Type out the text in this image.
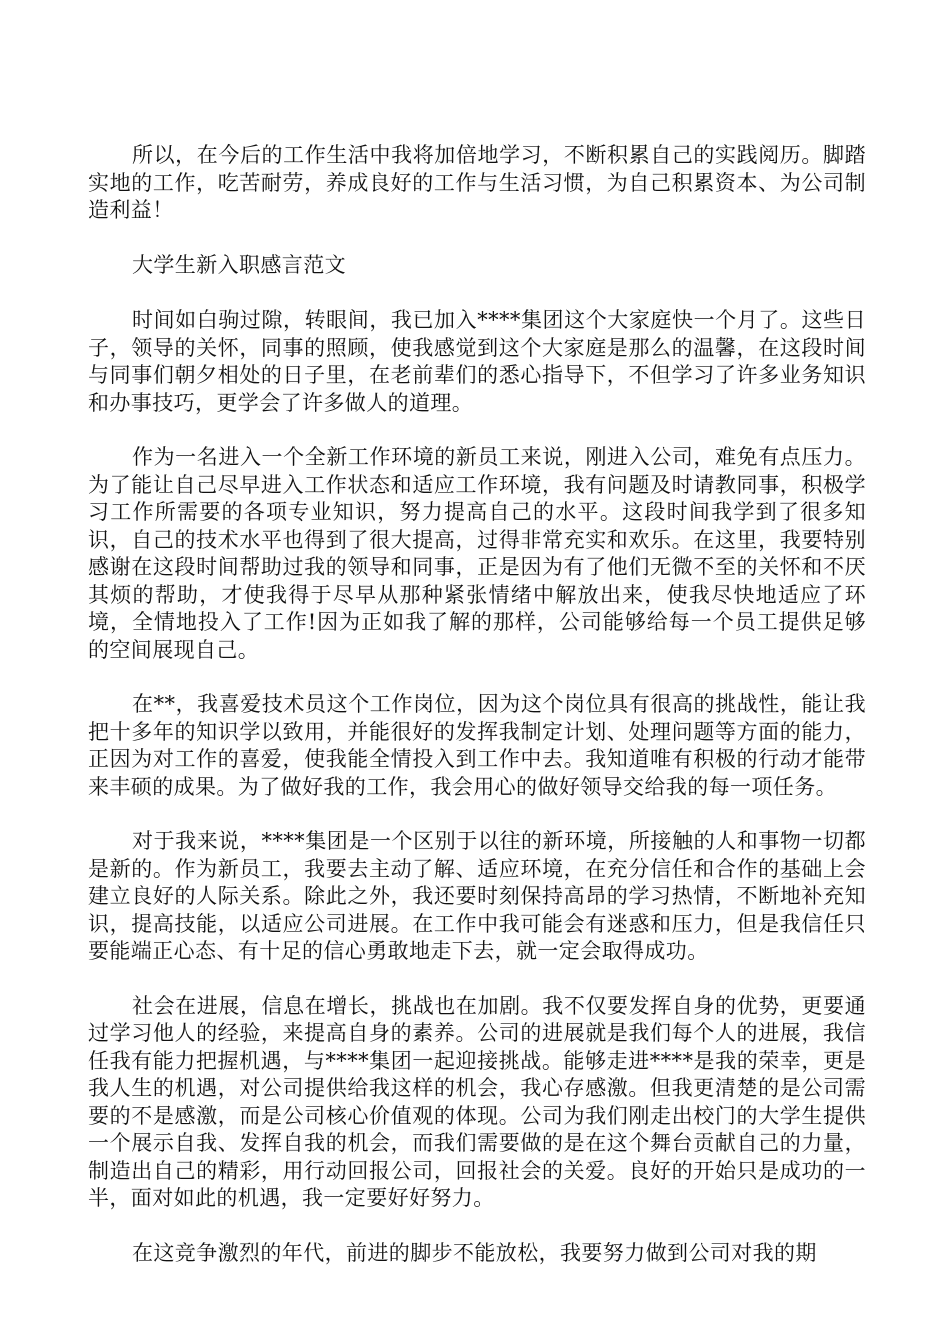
所以，在今后的工作生活中我将加倍地学习，不断积累自己的实践阅历。脚踏实地的工作，吃苦耐劳，养成良好的工作与生活习惯，为自己积累资本、为公司制造利益！

大学生新入职感言范文

时间如白驹过隙，转眼间，我已加入****集团这个大家庭快一个月了。这些日子，领导的关怀，同事的照顾，使我感觉到这个大家庭是那么的温馨，在这段时间与同事们朝夕相处的日子里，在老前辈们的悉心指导下，不但学习了许多业务知识和办事技巧，更学会了许多做人的道理。

作为一名进入一个全新工作环境的新员工来说，刚进入公司，难免有点压力。为了能让自己尽早进入工作状态和适应工作环境，我有问题及时请教同事，积极学习工作所需要的各项专业知识，努力提高自己的水平。这段时间我学到了很多知识，自己的技术水平也得到了很大提高，过得非常充实和欢乐。在这里，我要特别感谢在这段时间帮助过我的领导和同事，正是因为有了他们无微不至的关怀和不厌其烦的帮助，才使我得于尽早从那种紧张情绪中解放出来，使我尽快地适应了环境，全情地投入了工作!因为正如我了解的那样，公司能够给每一个员工提供足够的空间展现自己。

在**，我喜爱技术员这个工作岗位，因为这个岗位具有很高的挑战性，能让我把十多年的知识学以致用，并能很好的发挥我制定计划、处理问题等方面的能力，正因为对工作的喜爱，使我能全情投入到工作中去。我知道唯有积极的行动才能带来丰硕的成果。为了做好我的工作，我会用心的做好领导交给我的每一项任务。

对于我来说，****集团是一个区别于以往的新环境，所接触的人和事物一切都是新的。作为新员工，我要去主动了解、适应环境，在充分信任和合作的基础上会建立良好的人际关系。除此之外，我还要时刻保持高昂的学习热情，不断地补充知识，提高技能，以适应公司进展。在工作中我可能会有迷惑和压力，但是我信任只要能端正心态、有十足的信心勇敢地走下去，就一定会取得成功。

社会在进展，信息在增长，挑战也在加剧。我不仅要发挥自身的优势，更要通过学习他人的经验，来提高自身的素养。公司的进展就是我们每个人的进展，我信任我有能力把握机遇，与****集团一起迎接挑战。能够走进****是我的荣幸，更是我人生的机遇，对公司提供给我这样的机会，我心存感激。但我更清楚的是公司需要的不是感激，而是公司核心价值观的体现。公司为我们刚走出校门的大学生提供一个展示自我、发挥自我的机会，而我们需要做的是在这个舞台贡献自己的力量，制造出自己的精彩，用行动回报公司，回报社会的关爱。良好的开始只是成功的一半，面对如此的机遇，我一定要好好努力。

在这竞争激烈的年代，前进的脚步不能放松，我要努力做到公司对我的期
